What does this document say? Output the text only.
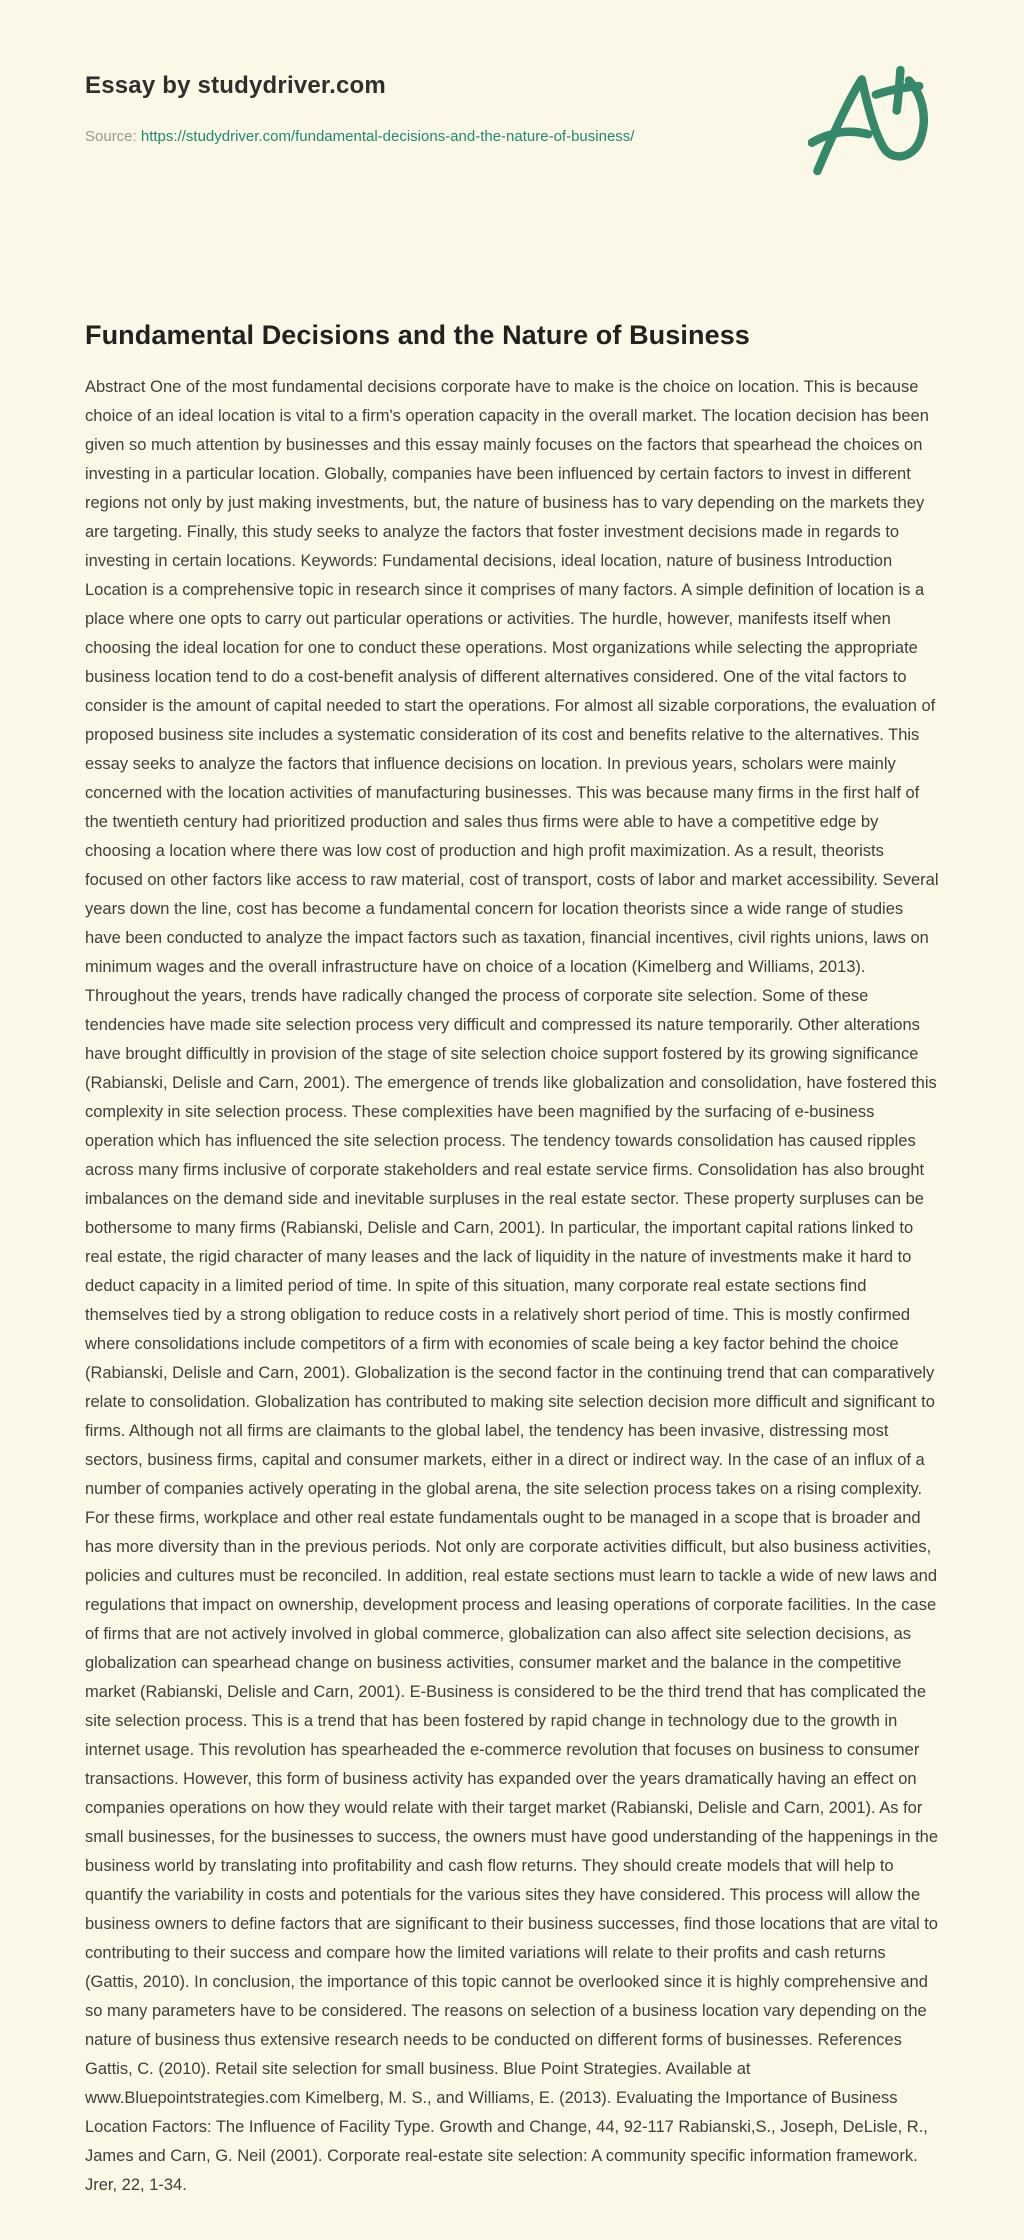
Essay by studydriver.com

Source: https://studydriver.com/fundamental-decisions-and-the-nature-of-business/

Fundamental Decisions and the Nature of Business

Abstract One of the most fundamental decisions corporate have to make is the choice on location. This is because choice of an ideal location is vital to a firm's operation capacity in the overall market. The location decision has been given so much attention by businesses and this essay mainly focuses on the factors that spearhead the choices on investing in a particular location. Globally, companies have been influenced by certain factors to invest in different regions not only by just making investments, but, the nature of business has to vary depending on the markets they are targeting. Finally, this study seeks to analyze the factors that foster investment decisions made in regards to investing in certain locations. Keywords: Fundamental decisions, ideal location, nature of business Introduction Location is a comprehensive topic in research since it comprises of many factors. A simple definition of location is a place where one opts to carry out particular operations or activities. The hurdle, however, manifests itself when choosing the ideal location for one to conduct these operations. Most organizations while selecting the appropriate business location tend to do a cost-benefit analysis of different alternatives considered. One of the vital factors to consider is the amount of capital needed to start the operations. For almost all sizable corporations, the evaluation of proposed business site includes a systematic consideration of its cost and benefits relative to the alternatives. This essay seeks to analyze the factors that influence decisions on location. In previous years, scholars were mainly concerned with the location activities of manufacturing businesses. This was because many firms in the first half of the twentieth century had prioritized production and sales thus firms were able to have a competitive edge by choosing a location where there was low cost of production and high profit maximization. As a result, theorists focused on other factors like access to raw material, cost of transport, costs of labor and market accessibility. Several years down the line, cost has become a fundamental concern for location theorists since a wide range of studies have been conducted to analyze the impact factors such as taxation, financial incentives, civil rights unions, laws on minimum wages and the overall infrastructure have on choice of a location (Kimelberg and Williams, 2013). Throughout the years, trends have radically changed the process of corporate site selection. Some of these tendencies have made site selection process very difficult and compressed its nature temporarily. Other alterations have brought difficultly in provision of the stage of site selection choice support fostered by its growing significance (Rabianski, Delisle and Carn, 2001). The emergence of trends like globalization and consolidation, have fostered this complexity in site selection process. These complexities have been magnified by the surfacing of e-business operation which has influenced the site selection process. The tendency towards consolidation has caused ripples across many firms inclusive of corporate stakeholders and real estate service firms. Consolidation has also brought imbalances on the demand side and inevitable surpluses in the real estate sector. These property surpluses can be bothersome to many firms (Rabianski, Delisle and Carn, 2001). In particular, the important capital rations linked to real estate, the rigid character of many leases and the lack of liquidity in the nature of investments make it hard to deduct capacity in a limited period of time. In spite of this situation, many corporate real estate sections find themselves tied by a strong obligation to reduce costs in a relatively short period of time. This is mostly confirmed where consolidations include competitors of a firm with economies of scale being a key factor behind the choice (Rabianski, Delisle and Carn, 2001). Globalization is the second factor in the continuing trend that can comparatively relate to consolidation. Globalization has contributed to making site selection decision more difficult and significant to firms. Although not all firms are claimants to the global label, the tendency has been invasive, distressing most sectors, business firms, capital and consumer markets, either in a direct or indirect way. In the case of an influx of a number of companies actively operating in the global arena, the site selection process takes on a rising complexity. For these firms, workplace and other real estate fundamentals ought to be managed in a scope that is broader and has more diversity than in the previous periods. Not only are corporate activities difficult, but also business activities, policies and cultures must be reconciled. In addition, real estate sections must learn to tackle a wide of new laws and regulations that impact on ownership, development process and leasing operations of corporate facilities. In the case of firms that are not actively involved in global commerce, globalization can also affect site selection decisions, as globalization can spearhead change on business activities, consumer market and the balance in the competitive market (Rabianski, Delisle and Carn, 2001). E-Business is considered to be the third trend that has complicated the site selection process. This is a trend that has been fostered by rapid change in technology due to the growth in internet usage. This revolution has spearheaded the e-commerce revolution that focuses on business to consumer transactions. However, this form of business activity has expanded over the years dramatically having an effect on companies operations on how they would relate with their target market (Rabianski, Delisle and Carn, 2001). As for small businesses, for the businesses to success, the owners must have good understanding of the happenings in the business world by translating into profitability and cash flow returns. They should create models that will help to quantify the variability in costs and potentials for the various sites they have considered. This process will allow the business owners to define factors that are significant to their business successes, find those locations that are vital to contributing to their success and compare how the limited variations will relate to their profits and cash returns (Gattis, 2010). In conclusion, the importance of this topic cannot be overlooked since it is highly comprehensive and so many parameters have to be considered. The reasons on selection of a business location vary depending on the nature of business thus extensive research needs to be conducted on different forms of businesses. References Gattis, C. (2010). Retail site selection for small business. Blue Point Strategies. Available at www.Bluepointstrategies.com Kimelberg, M. S., and Williams, E. (2013). Evaluating the Importance of Business Location Factors: The Influence of Facility Type. Growth and Change, 44, 92-117 Rabianski,S., Joseph, DeLisle, R., James and Carn, G. Neil (2001). Corporate real-estate site selection: A community specific information framework. Jrer, 22, 1-34.
